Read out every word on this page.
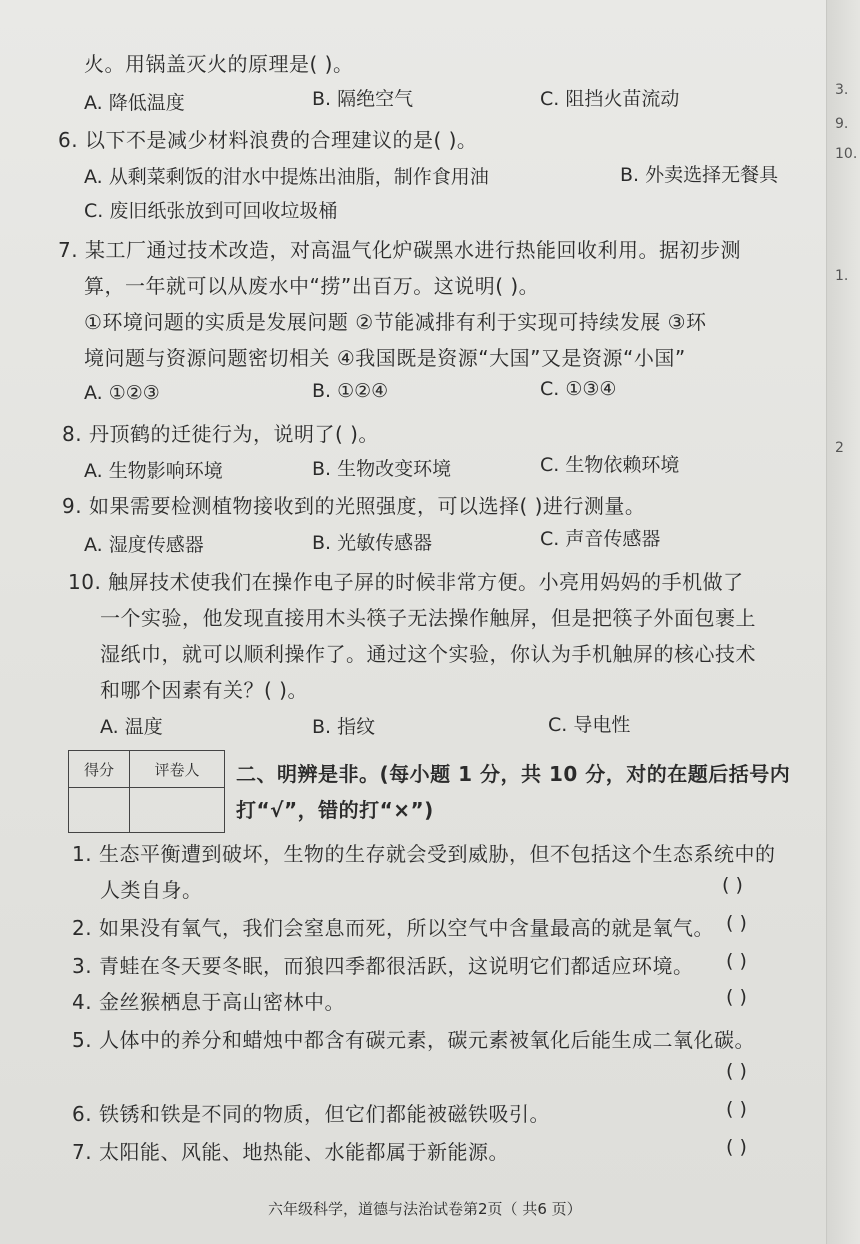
3.
9.
10.
1.
2
火。用锅盖灭火的原理是( )。
A. 降低温度	B. 隔绝空气	C. 阻挡火苗流动
6. 以下不是减少材料浪费的合理建议的是( )。
A. 从剩菜剩饭的泔水中提炼出油脂，制作食用油	B. 外卖选择无餐具
C. 废旧纸张放到可回收垃圾桶
7. 某工厂通过技术改造，对高温气化炉碳黑水进行热能回收利用。据初步测
算，一年就可以从废水中“捞”出百万。这说明( )。
①环境问题的实质是发展问题 ②节能减排有利于实现可持续发展 ③环
境问题与资源问题密切相关 ④我国既是资源“大国”又是资源“小国”
A. ①②③	B. ①②④	C. ①③④
8. 丹顶鹤的迁徙行为，说明了( )。
A. 生物影响环境	B. 生物改变环境	C. 生物依赖环境
9. 如果需要检测植物接收到的光照强度，可以选择( )进行测量。
A. 湿度传感器	B. 光敏传感器	C. 声音传感器
10. 触屏技术使我们在操作电子屏的时候非常方便。小亮用妈妈的手机做了
一个实验，他发现直接用木头筷子无法操作触屏，但是把筷子外面包裹上
湿纸巾，就可以顺利操作了。通过这个实验，你认为手机触屏的核心技术
和哪个因素有关？( )。
A. 温度	B. 指纹	C. 导电性
得分	评卷人
	二、明辨是非。(每小题 1 分，共 10 分，对的在题后括号内
打“√”，错的打“×”)
1. 生态平衡遭到破坏，生物的生存就会受到威胁，但不包括这个生态系统中的
人类自身。	( )
2. 如果没有氧气，我们会窒息而死，所以空气中含量最高的就是氧气。 ( )
3. 青蛙在冬天要冬眠，而狼四季都很活跃，这说明它们都适应环境。 ( )
4. 金丝猴栖息于高山密林中。	( )
5. 人体中的养分和蜡烛中都含有碳元素，碳元素被氧化后能生成二氧化碳。
( )
6. 铁锈和铁是不同的物质，但它们都能被磁铁吸引。	( )
7. 太阳能、风能、地热能、水能都属于新能源。	( )
六年级科学，道德与法治试卷第2页（ 共6 页）
